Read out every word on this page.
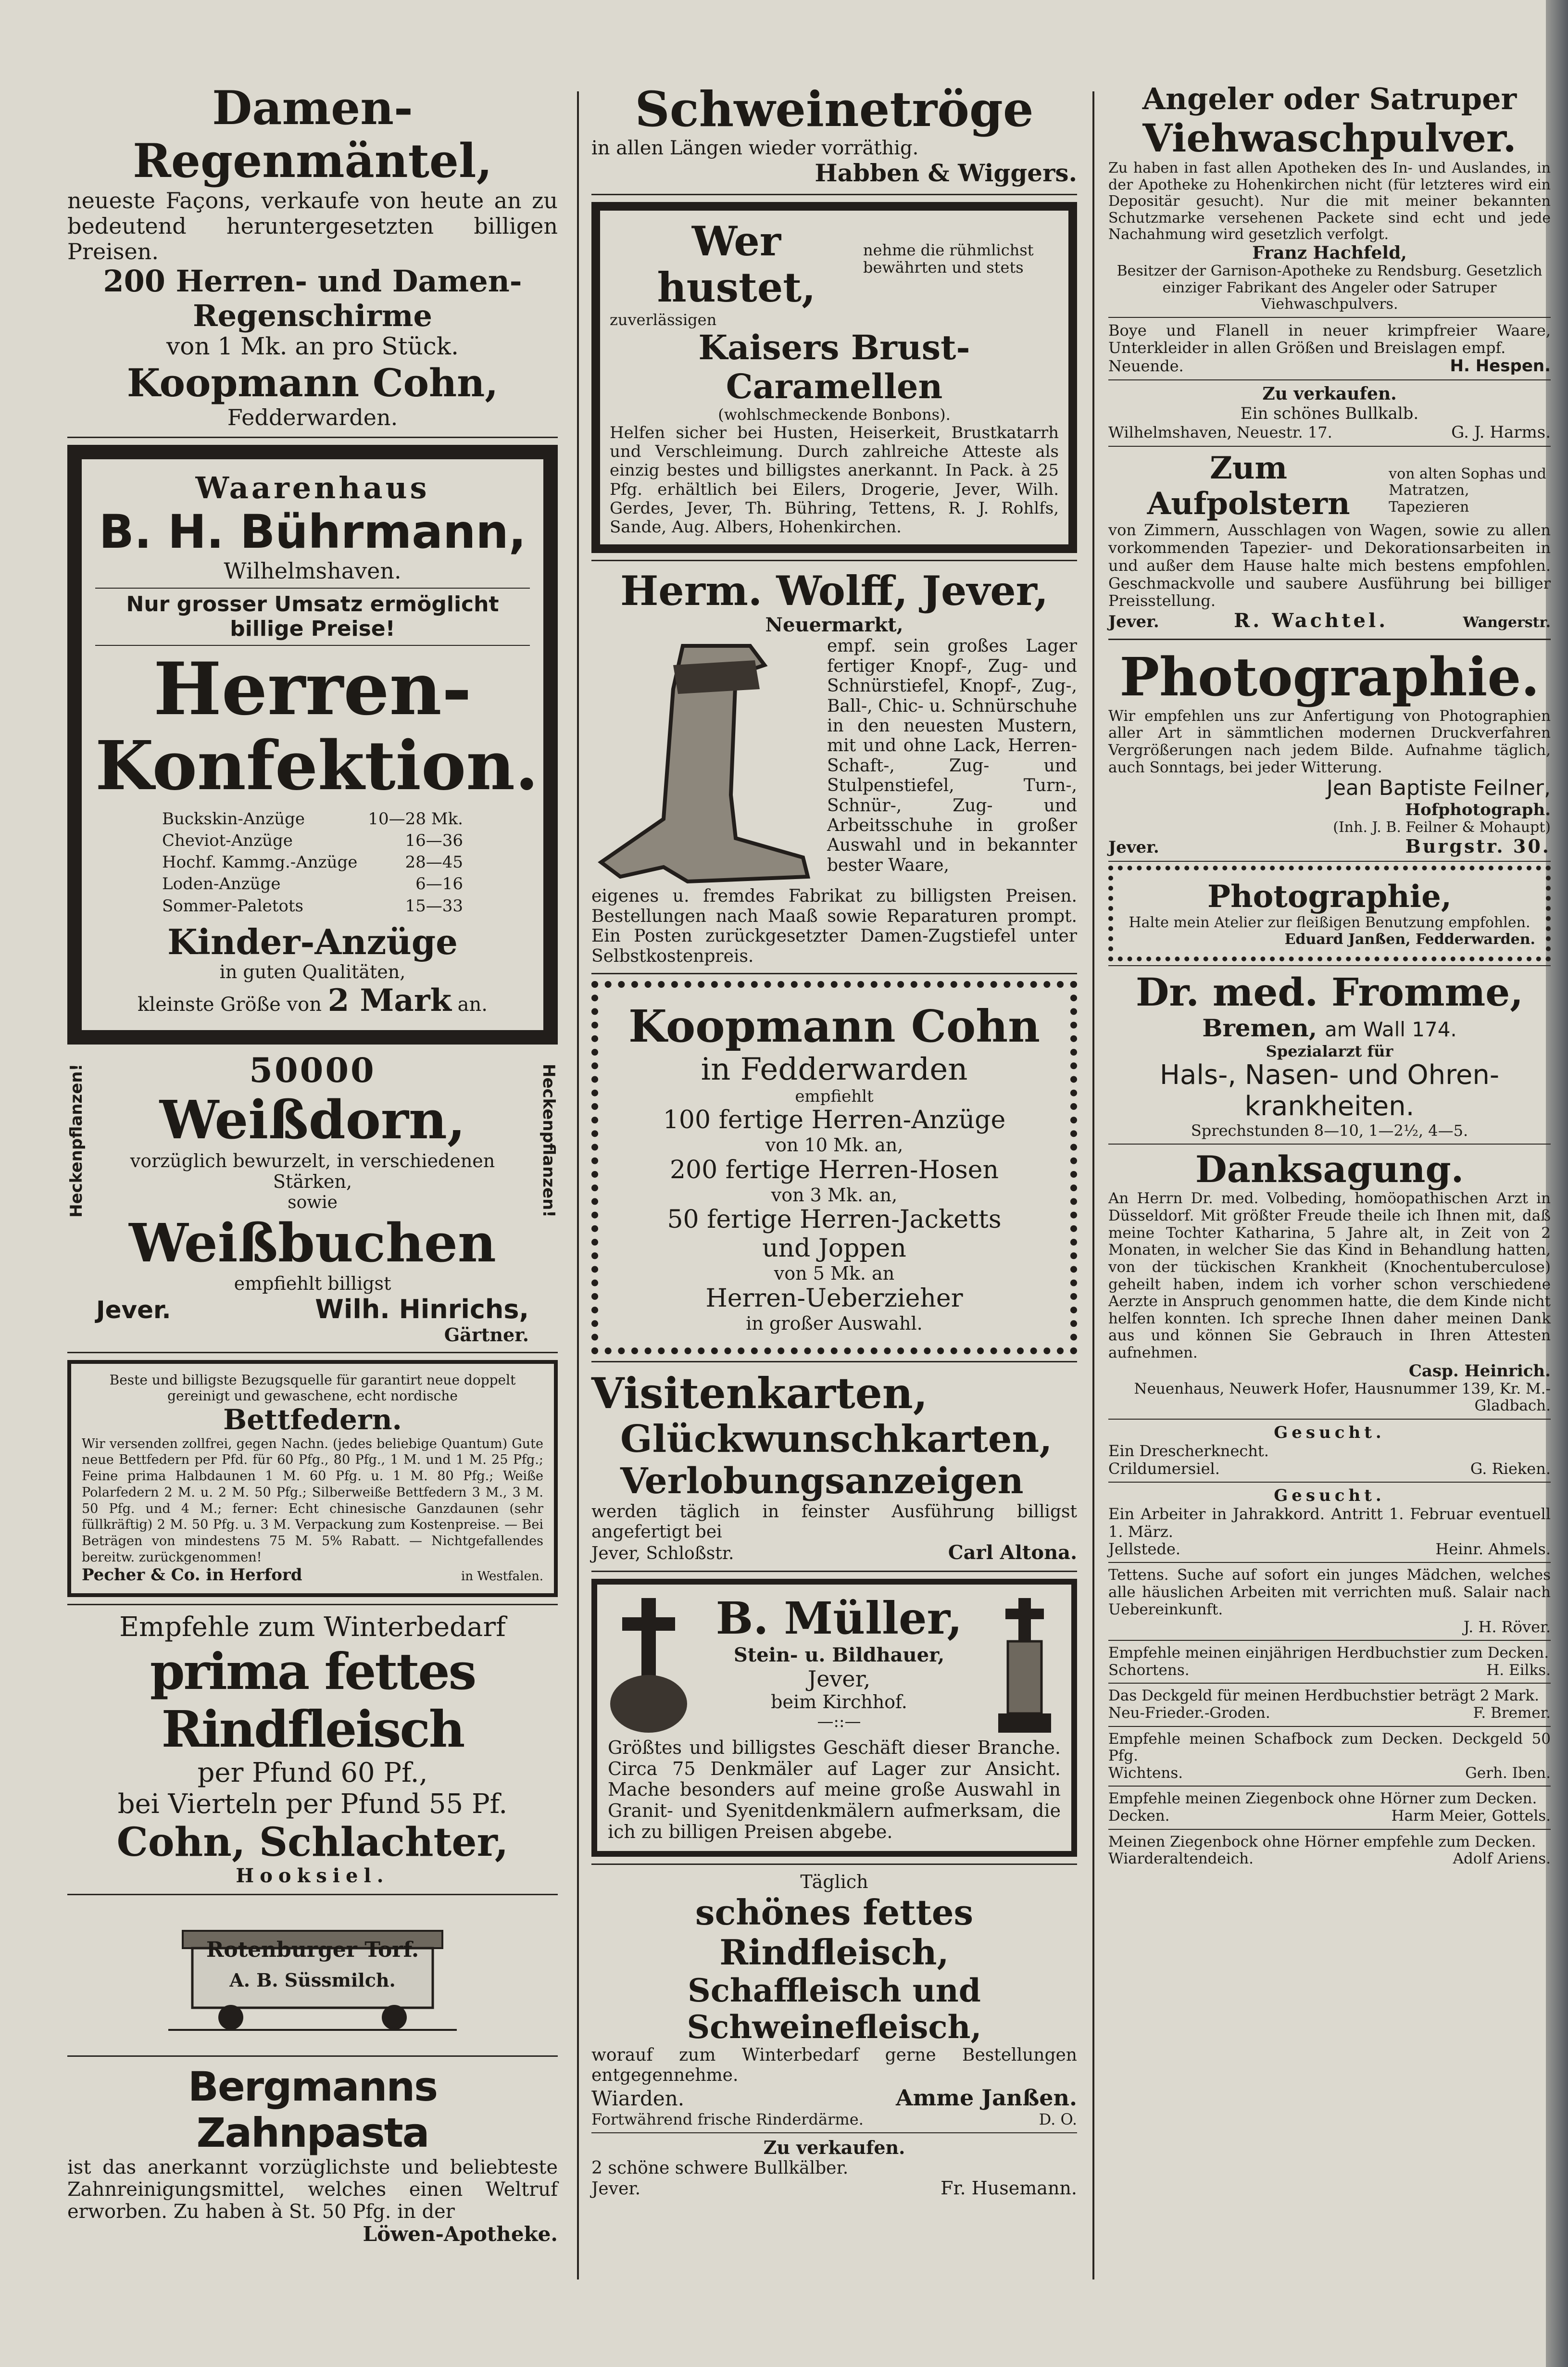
Damen-Regenmäntel,

neueste Façons, verkaufe von heute an zu bedeutend heruntergesetzten billigen Preisen.

200 Herren- und Damen-

Regenschirme

von 1 Mk. an pro Stück.

Koopmann Cohn,

Fedderwarden.

Waarenhaus

B. H. Bührmann,

Wilhelmshaven.

Nur grosser Umsatz ermöglicht

billige Preise!

Herren-

Konfektion.

Buckskin-Anzüge	10—28 Mk.
Cheviot-Anzüge	16—36
Hochf. Kammg.-Anzüge	28—45
Loden-Anzüge	6—16
Sommer-Paletots	15—33

Kinder-Anzüge

in guten Qualitäten,

kleinste Größe von 2 Mark an.

Heckenpflanzen!	Heckenpflanzen!

50000

Weißdorn,

vorzüglich bewurzelt, in verschiedenen Stärken,

sowie

Weißbuchen

empfiehlt billigst

Jever.	Wilh. Hinrichs,

Gärtner.

Beste und billigste Bezugsquelle für garantirt neue doppelt gereinigt und gewaschene, echt nordische

Bettfedern.

Wir versenden zollfrei, gegen Nachn. (jedes beliebige Quantum) Gute neue Bettfedern per Pfd. für 60 Pfg., 80 Pfg., 1 M. und 1 M. 25 Pfg.; Feine prima Halbdaunen 1 M. 60 Pfg. u. 1 M. 80 Pfg.; Weiße Polarfedern 2 M. u. 2 M. 50 Pfg.; Silberweiße Bettfedern 3 M., 3 M. 50 Pfg. und 4 M.; ferner: Echt chinesische Ganzdaunen (sehr füllkräftig) 2 M. 50 Pfg. u. 3 M. Verpackung zum Kostenpreise. — Bei Beträgen von mindestens 75 M. 5% Rabatt. — Nichtgefallendes bereitw. zurückgenommen!

Pecher & Co. in Herford	in Westfalen.

Empfehle zum Winterbedarf

prima fettes Rindfleisch

per Pfund 60 Pf.,

bei Vierteln per Pfund 55 Pf.

Cohn, Schlachter,

Hooksiel.

Rotenburger Torf.

A. B. Süssmilch.

Bergmanns Zahnpasta

ist das anerkannt vorzüglichste und beliebteste Zahnreinigungsmittel, welches einen Weltruf erworben. Zu haben à St. 50 Pfg. in der

Löwen-Apotheke.

Schweinetröge

in allen Längen wieder vorräthig.

Habben & Wiggers.

Wer hustet,
nehme die rühmlichst bewährten und stets

zuverlässigen

Kaisers Brust-Caramellen

(wohlschmeckende Bonbons).

Helfen sicher bei Husten, Heiserkeit, Brustkatarrh und Verschleimung. Durch zahlreiche Atteste als einzig bestes und billigstes anerkannt. In Pack. à 25 Pfg. erhältlich bei Eilers, Drogerie, Jever, Wilh. Gerdes, Jever, Th. Bühring, Tettens, R. J. Rohlfs, Sande, Aug. Albers, Hohenkirchen.

Herm. Wolff, Jever,

Neuermarkt,

empf. sein großes Lager fertiger Knopf-, Zug- und Schnürstiefel, Knopf-, Zug-, Ball-, Chic- u. Schnürschuhe in den neuesten Mustern, mit und ohne Lack, Herren-Schaft-, Zug- und Stulpenstiefel, Turn-, Schnür-, Zug- und Arbeitsschuhe in großer Auswahl und in bekannter bester Waare,

eigenes u. fremdes Fabrikat zu billigsten Preisen. Bestellungen nach Maaß sowie Reparaturen prompt. Ein Posten zurückgesetzter Damen-Zugstiefel unter Selbstkostenpreis.

Koopmann Cohn

in Fedderwarden

empfiehlt

100 fertige Herren-Anzüge

von 10 Mk. an,

200 fertige Herren-Hosen

von 3 Mk. an,

50 fertige Herren-Jacketts

und Joppen

von 5 Mk. an

Herren-Ueberzieher

in großer Auswahl.

Visitenkarten,

Glückwunschkarten,

Verlobungsanzeigen

werden täglich in feinster Ausführung billigst angefertigt bei

Jever, Schloßstr.	Carl Altona.

B. Müller,

Stein- u. Bildhauer,

Jever,

beim Kirchhof.

—::—

Größtes und billigstes Geschäft dieser Branche. Circa 75 Denkmäler auf Lager zur Ansicht. Mache besonders auf meine große Auswahl in Granit- und Syenitdenkmälern aufmerksam, die ich zu billigen Preisen abgebe.

Täglich

schönes fettes Rindfleisch,

Schaffleisch und Schweinefleisch,

worauf zum Winterbedarf gerne Bestellungen entgegennehme.

Wiarden.	Amme Janßen.
Fortwährend frische Rinderdärme.	D. O.

Zu verkaufen.

2 schöne schwere Bullkälber.

Jever.	Fr. Husemann.

Angeler oder Satruper

Viehwaschpulver.

Zu haben in fast allen Apotheken des In- und Auslandes, in der Apotheke zu Hohenkirchen nicht (für letzteres wird ein Depositär gesucht). Nur die mit meiner bekannten Schutzmarke versehenen Packete sind echt und jede Nachahmung wird gesetzlich verfolgt.

Franz Hachfeld,

Besitzer der Garnison-Apotheke zu Rendsburg. Gesetzlich einziger Fabrikant des Angeler oder Satruper Viehwaschpulvers.

Boye und Flanell in neuer krimpfreier Waare, Unterkleider in allen Größen und Breislagen empf.

Neuende.	H. Hespen.

Zu verkaufen.

Ein schönes Bullkalb.

Wilhelmshaven, Neuestr. 17.	G. J. Harms.
Zum Aufpolstern
von alten Sophas und Matratzen, Tapezieren

von Zimmern, Ausschlagen von Wagen, sowie zu allen vorkommenden Tapezier- und Dekorationsarbeiten in und außer dem Hause halte mich bestens empfohlen. Geschmackvolle und saubere Ausführung bei billiger Preisstellung.

Jever.	R. Wachtel.	Wangerstr.

Photographie.

Wir empfehlen uns zur Anfertigung von Photographien aller Art in sämmtlichen modernen Druckverfahren Vergrößerungen nach jedem Bilde. Aufnahme täglich, auch Sonntags, bei jeder Witterung.

Jean Baptiste Feilner,

Hofphotograph.

(Inh. J. B. Feilner & Mohaupt)

Jever.	Burgstr. 30.

Photographie,

Halte mein Atelier zur fleißigen Benutzung empfohlen.

Eduard Janßen, Fedderwarden.

Dr. med. Fromme,

Bremen, am Wall 174.

Spezialarzt für

Hals-, Nasen- und Ohren-

krankheiten.

Sprechstunden 8—10, 1—2½, 4—5.

Danksagung.

An Herrn Dr. med. Volbeding, homöopathischen Arzt in Düsseldorf. Mit größter Freude theile ich Ihnen mit, daß meine Tochter Katharina, 5 Jahre alt, in Zeit von 2 Monaten, in welcher Sie das Kind in Behandlung hatten, von der tückischen Krankheit (Knochentuberculose) geheilt haben, indem ich vorher schon verschiedene Aerzte in Anspruch genommen hatte, die dem Kinde nicht helfen konnten. Ich spreche Ihnen daher meinen Dank aus und können Sie Gebrauch in Ihren Attesten aufnehmen.

Casp. Heinrich.

Neuenhaus, Neuwerk Hofer, Hausnummer 139, Kr. M.-Gladbach.

Gesucht.

Ein Drescherknecht.

Crildumersiel.	G. Rieken.

Gesucht.

Ein Arbeiter in Jahrakkord. Antritt 1. Februar eventuell 1. März.

Jellstede.	Heinr. Ahmels.

Tettens. Suche auf sofort ein junges Mädchen, welches alle häuslichen Arbeiten mit verrichten muß. Salair nach Uebereinkunft.

J. H. Röver.

Empfehle meinen einjährigen Herdbuchstier zum Decken.

Schortens.	H. Eilks.

Das Deckgeld für meinen Herdbuchstier beträgt 2 Mark.

Neu-Frieder.-Groden.	F. Bremer.

Empfehle meinen Schafbock zum Decken. Deckgeld 50 Pfg.

Wichtens.	Gerh. Iben.

Empfehle meinen Ziegenbock ohne Hörner zum Decken.

Decken.	Harm Meier, Gottels.

Meinen Ziegenbock ohne Hörner empfehle zum Decken.

Wiarderaltendeich.	Adolf Ariens.
